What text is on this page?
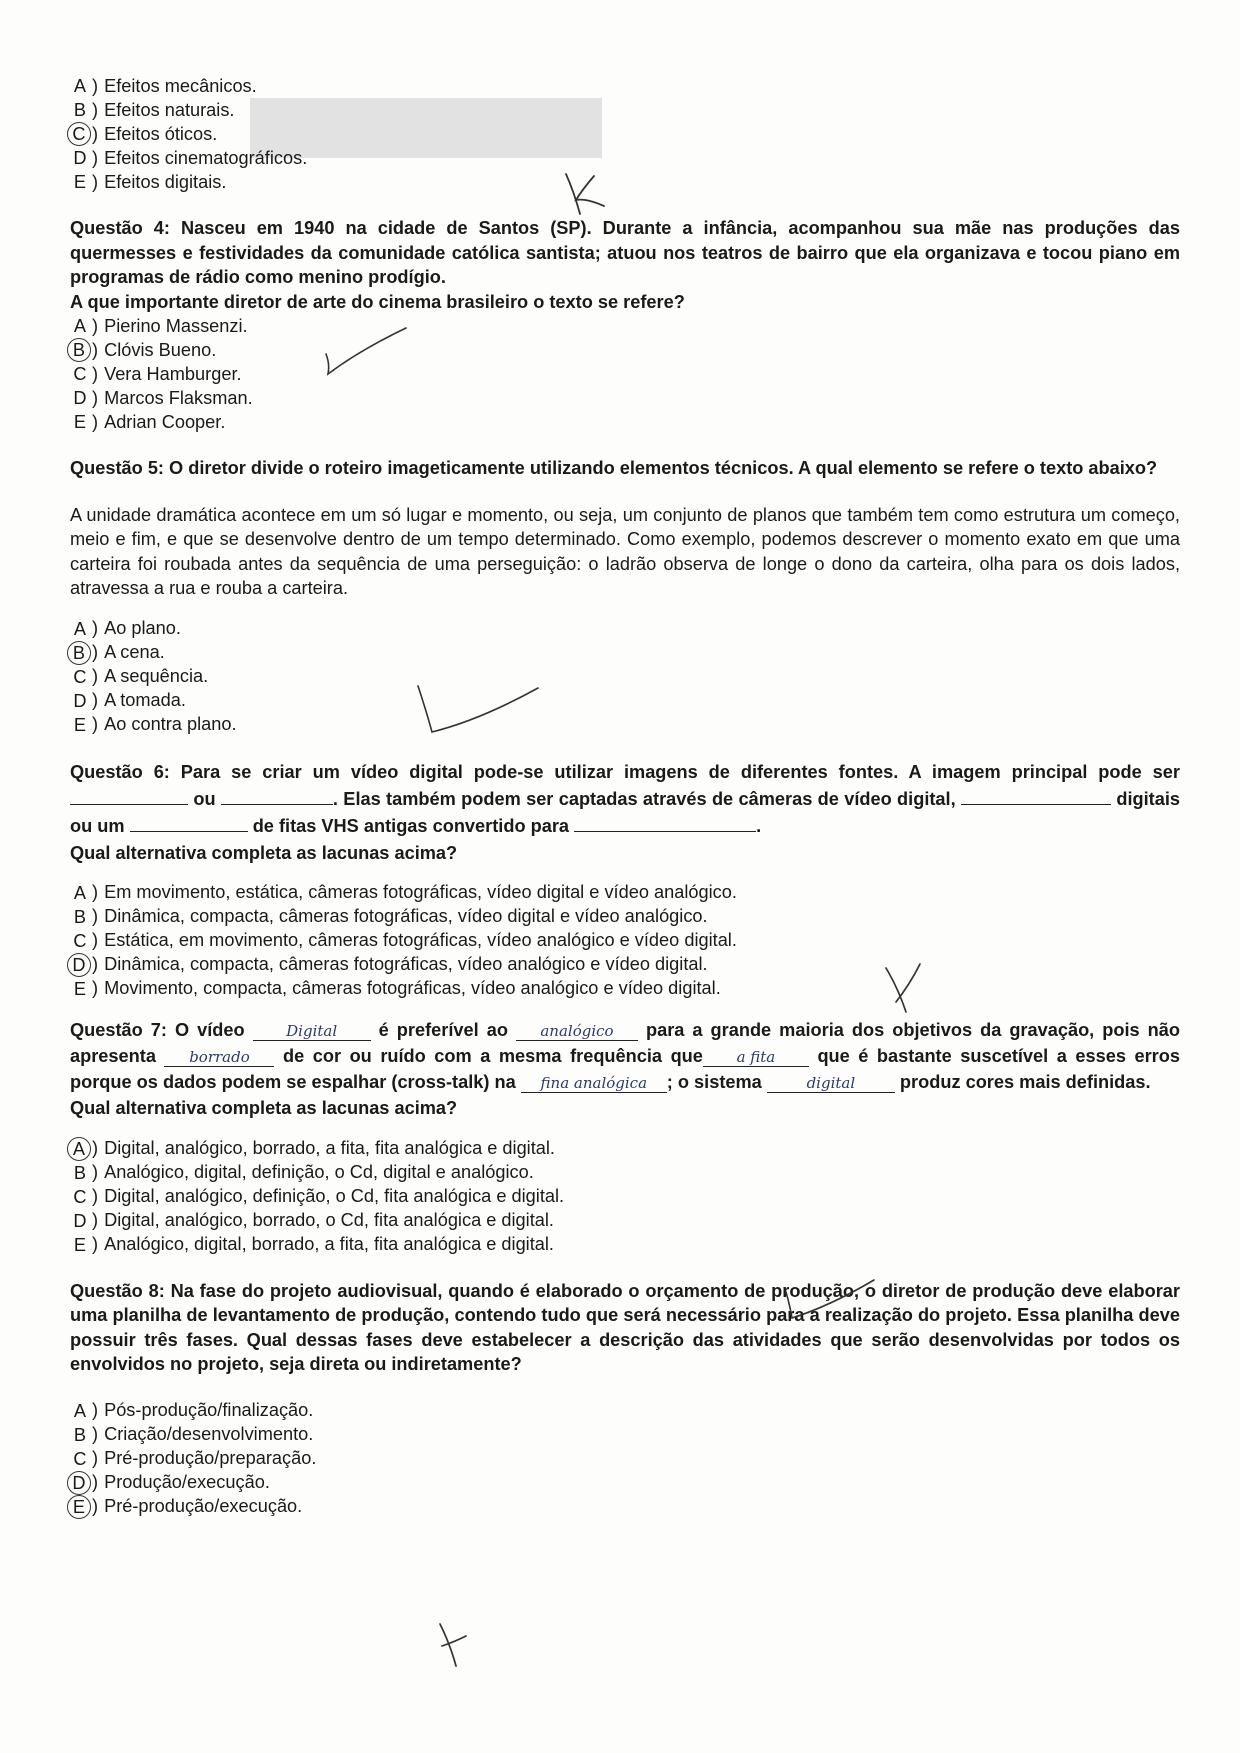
A ) Efeitos mecânicos.
B ) Efeitos naturais.
C ) Efeitos óticos.
D ) Efeitos cinematográficos.
E ) Efeitos digitais.

Questão 4: Nasceu em 1940 na cidade de Santos (SP). Durante a infância, acompanhou sua mãe nas produções das quermesses e festividades da comunidade católica santista; atuou nos teatros de bairro que ela organizava e tocou piano em programas de rádio como menino prodígio.

A que importante diretor de arte do cinema brasileiro o texto se refere?

A ) Pierino Massenzi.
B ) Clóvis Bueno.
C ) Vera Hamburger.
D ) Marcos Flaksman.
E ) Adrian Cooper.

Questão 5: O diretor divide o roteiro imageticamente utilizando elementos técnicos. A qual elemento se refere o texto abaixo?

A unidade dramática acontece em um só lugar e momento, ou seja, um conjunto de planos que também tem como estrutura um começo, meio e fim, e que se desenvolve dentro de um tempo determinado. Como exemplo, podemos descrever o momento exato em que uma carteira foi roubada antes da sequência de uma perseguição: o ladrão observa de longe o dono da carteira, olha para os dois lados, atravessa a rua e rouba a carteira.
A ) Ao plano.
B ) A cena.
C ) A sequência.
D ) A tomada.
E ) Ao contra plano.
Questão 6: Para se criar um vídeo digital pode-se utilizar imagens de diferentes fontes. A imagem principal pode ser  ou	. Elas também podem ser captadas através de câmeras de vídeo digital,	digitais ou um	de fitas VHS antigas convertido para	.

Qual alternativa completa as lacunas acima?

A ) Em movimento, estática, câmeras fotográficas, vídeo digital e vídeo analógico.
B ) Dinâmica, compacta, câmeras fotográficas, vídeo digital e vídeo analógico.
C ) Estática, em movimento, câmeras fotográficas, vídeo analógico e vídeo digital.
D ) Dinâmica, compacta, câmeras fotográficas, vídeo analógico e vídeo digital.
E ) Movimento, compacta, câmeras fotográficas, vídeo analógico e vídeo digital.
Questão 7: O vídeo	Digital é preferível ao analógico para a grande maioria dos objetivos da gravação, pois não apresenta borrado de cor ou ruído com a mesma frequência que a fita que é bastante suscetível a esses erros porque os dados podem se espalhar (cross-talk) na fina analógica ; o sistema	digital produz cores mais definidas.

Qual alternativa completa as lacunas acima?

A ) Digital, analógico, borrado, a fita, fita analógica e digital.
B ) Analógico, digital, definição, o Cd, digital e analógico.
C ) Digital, analógico, definição, o Cd, fita analógica e digital.
D ) Digital, analógico, borrado, o Cd, fita analógica e digital.
E ) Analógico, digital, borrado, a fita, fita analógica e digital.

Questão 8: Na fase do projeto audiovisual, quando é elaborado o orçamento de produção, o diretor de produção deve elaborar uma planilha de levantamento de produção, contendo tudo que será necessário para a realização do projeto. Essa planilha deve possuir três fases. Qual dessas fases deve estabelecer a descrição das atividades que serão desenvolvidas por todos os envolvidos no projeto, seja direta ou indiretamente?

A ) Pós-produção/finalização.
B ) Criação/desenvolvimento.
C ) Pré-produção/preparação.
D ) Produção/execução.
E ) Pré-produção/execução.
